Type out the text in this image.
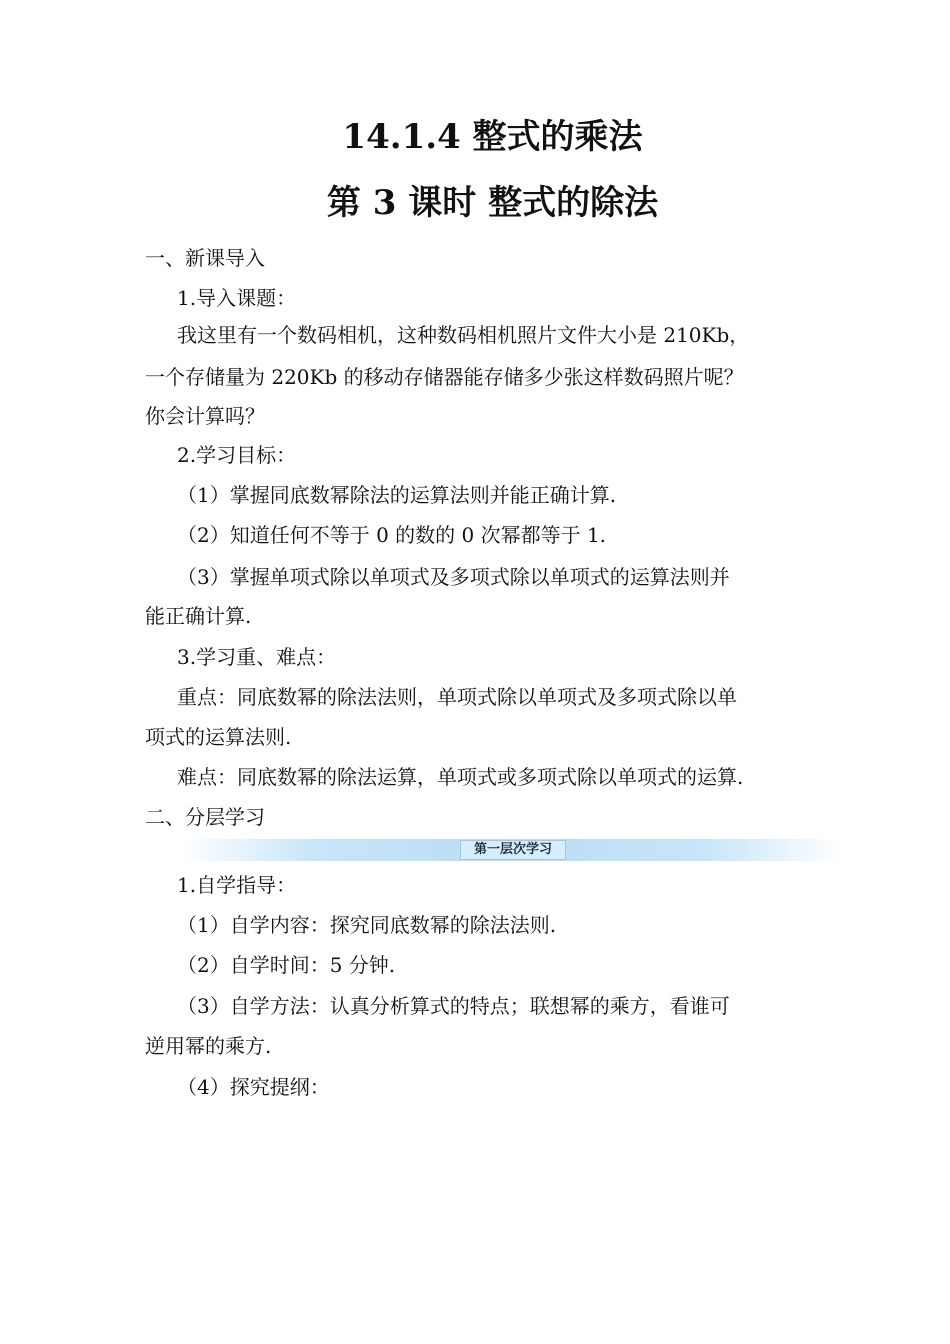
14.1.4 整式的乘法
第 3 课时 整式的除法

一、新课导入

1.导入课题：

我这里有一个数码相机，这种数码相机照片文件大小是 210Kb，

一个存储量为 220Kb 的移动存储器能存储多少张这样数码照片呢？

你会计算吗？

2.学习目标：

（1）掌握同底数幂除法的运算法则并能正确计算.

（2）知道任何不等于 0 的数的 0 次幂都等于 1.

（3）掌握单项式除以单项式及多项式除以单项式的运算法则并

能正确计算.

3.学习重、难点：

重点：同底数幂的除法法则，单项式除以单项式及多项式除以单

项式的运算法则.

难点：同底数幂的除法运算，单项式或多项式除以单项式的运算.

二、分层学习

第一层次学习

1.自学指导：

（1）自学内容：探究同底数幂的除法法则.

（2）自学时间：5 分钟.

（3）自学方法：认真分析算式的特点；联想幂的乘方，看谁可

逆用幂的乘方.

（4）探究提纲：
